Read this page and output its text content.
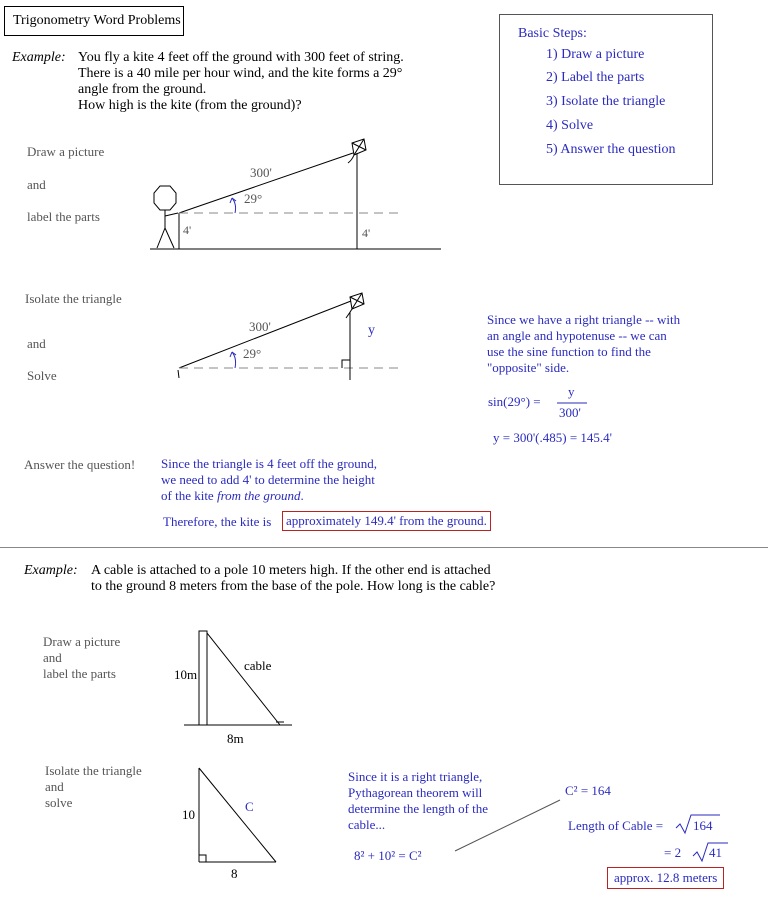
Trigonometry Word Problems
Basic Steps:
1) Draw a picture
2) Label the parts
3) Isolate the triangle
4) Solve
5) Answer the question
Example: You fly a kite 4 feet off the ground with 300 feet of string.
There is a 40 mile per hour wind, and the kite forms a 29°
angle from the ground.
How high is the kite (from the ground)?
Draw a picture
and
label the parts
Isolate the triangle
and
Solve
Answer the question!
300'
29°
4'	4'
300'
29°
y
Since we have a right triangle -- with
an angle and hypotenuse -- we can
use the sine function to find the
"opposite" side.
sin(29°) =
y
300'
y = 300'(.485) = 145.4'
Since the triangle is 4 feet off the ground,
we need to add 4' to determine the height
of the kite from the ground.
Therefore, the kite is	approximately 149.4' from the ground.
Example: A cable is attached to a pole 10 meters high. If the other end is attached
to the ground 8 meters from the base of the pole. How long is the cable?
Draw a picture
and
label the parts
Isolate the triangle
and
solve
10m
cable
8m
10
C
8
Since it is a right triangle,
Pythagorean theorem will
determine the length of the
cable...
8² + 10² = C²
C² = 164
Length of Cable = 164
= 2 41
approx. 12.8 meters
